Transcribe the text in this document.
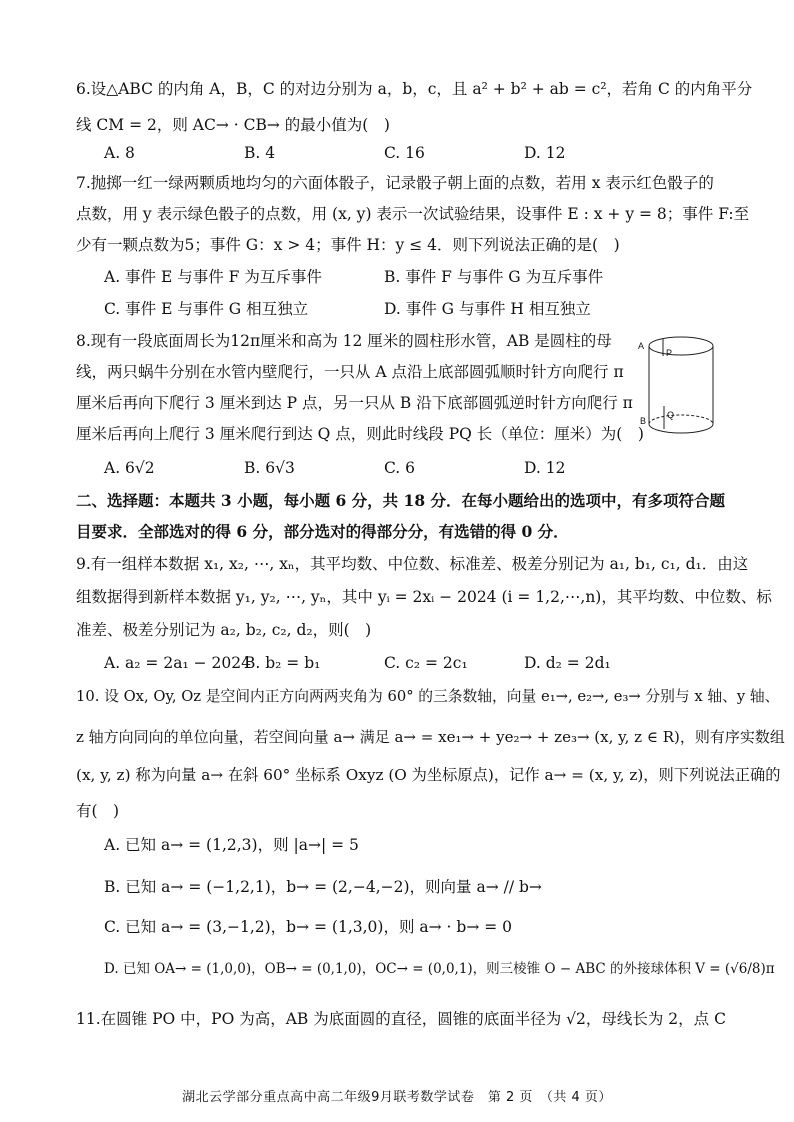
6.设△ABC 的内角 A，B，C 的对边分别为 a，b，c，且 a² + b² + ab = c²，若角 C 的内角平分
线 CM = 2，则 AC→ · CB→ 的最小值为(　)
A. 8	B. 4	C. 16	D. 12
7.抛掷一红一绿两颗质地均匀的六面体骰子，记录骰子朝上面的点数，若用 x 表示红色骰子的
点数，用 y 表示绿色骰子的点数，用 (x, y) 表示一次试验结果，设事件 E : x + y = 8；事件 F:至
少有一颗点数为5；事件 G：x > 4；事件 H：y ≤ 4．则下列说法正确的是(　)
A. 事件 E 与事件 F 为互斥事件	B. 事件 F 与事件 G 为互斥事件
C. 事件 E 与事件 G 相互独立	D. 事件 G 与事件 H 相互独立
8.现有一段底面周长为12π厘米和高为 12 厘米的圆柱形水管，AB 是圆柱的母
线，两只蜗牛分别在水管内壁爬行，一只从 A 点沿上底部圆弧顺时针方向爬行 π
厘米后再向下爬行 3 厘米到达 P 点，另一只从 B 沿下底部圆弧逆时针方向爬行 π
厘米后再向上爬行 3 厘米爬行到达 Q 点，则此时线段 PQ 长（单位：厘米）为(　)
A. 6√2	B. 6√3	C. 6	D. 12
A
P
B
Q
二、选择题：本题共 3 小题，每小题 6 分，共 18 分．在每小题给出的选项中，有多项符合题
目要求．全部选对的得 6 分，部分选对的得部分分，有选错的得 0 分．
9.有一组样本数据 x₁, x₂, ⋯, xₙ，其平均数、中位数、标准差、极差分别记为 a₁, b₁, c₁, d₁．由这
组数据得到新样本数据 y₁, y₂, ⋯, yₙ，其中 yᵢ = 2xᵢ − 2024 (i = 1,2,⋯,n)，其平均数、中位数、标
准差、极差分别记为 a₂, b₂, c₂, d₂，则(　)
A. a₂ = 2a₁ − 2024
B. b₂ = b₁	C. c₂ = 2c₁	D. d₂ = 2d₁
10. 设 Ox, Oy, Oz 是空间内正方向两两夹角为 60° 的三条数轴，向量 e₁→, e₂→, e₃→ 分别与 x 轴、y 轴、
z 轴方向同向的单位向量，若空间向量 a→ 满足 a→ = xe₁→ + ye₂→ + ze₃→ (x, y, z ∈ R)，则有序实数组
(x, y, z) 称为向量 a→ 在斜 60° 坐标系 Oxyz (O 为坐标原点)，记作 a→ = (x, y, z)，则下列说法正确的
有(　)
A. 已知 a→ = (1,2,3)，则 |a→| = 5
B. 已知 a→ = (−1,2,1)，b→ = (2,−4,−2)，则向量 a→ // b→
C. 已知 a→ = (3,−1,2)，b→ = (1,3,0)，则 a→ · b→ = 0
D. 已知 OA→ = (1,0,0)，OB→ = (0,1,0)，OC→ = (0,0,1)，则三棱锥 O − ABC 的外接球体积 V = (√6/8)π
11.在圆锥 PO 中，PO 为高，AB 为底面圆的直径，圆锥的底面半径为 √2，母线长为 2，点 C
湖北云学部分重点高中高二年级9月联考数学试卷　第 2 页　（共 4 页）
